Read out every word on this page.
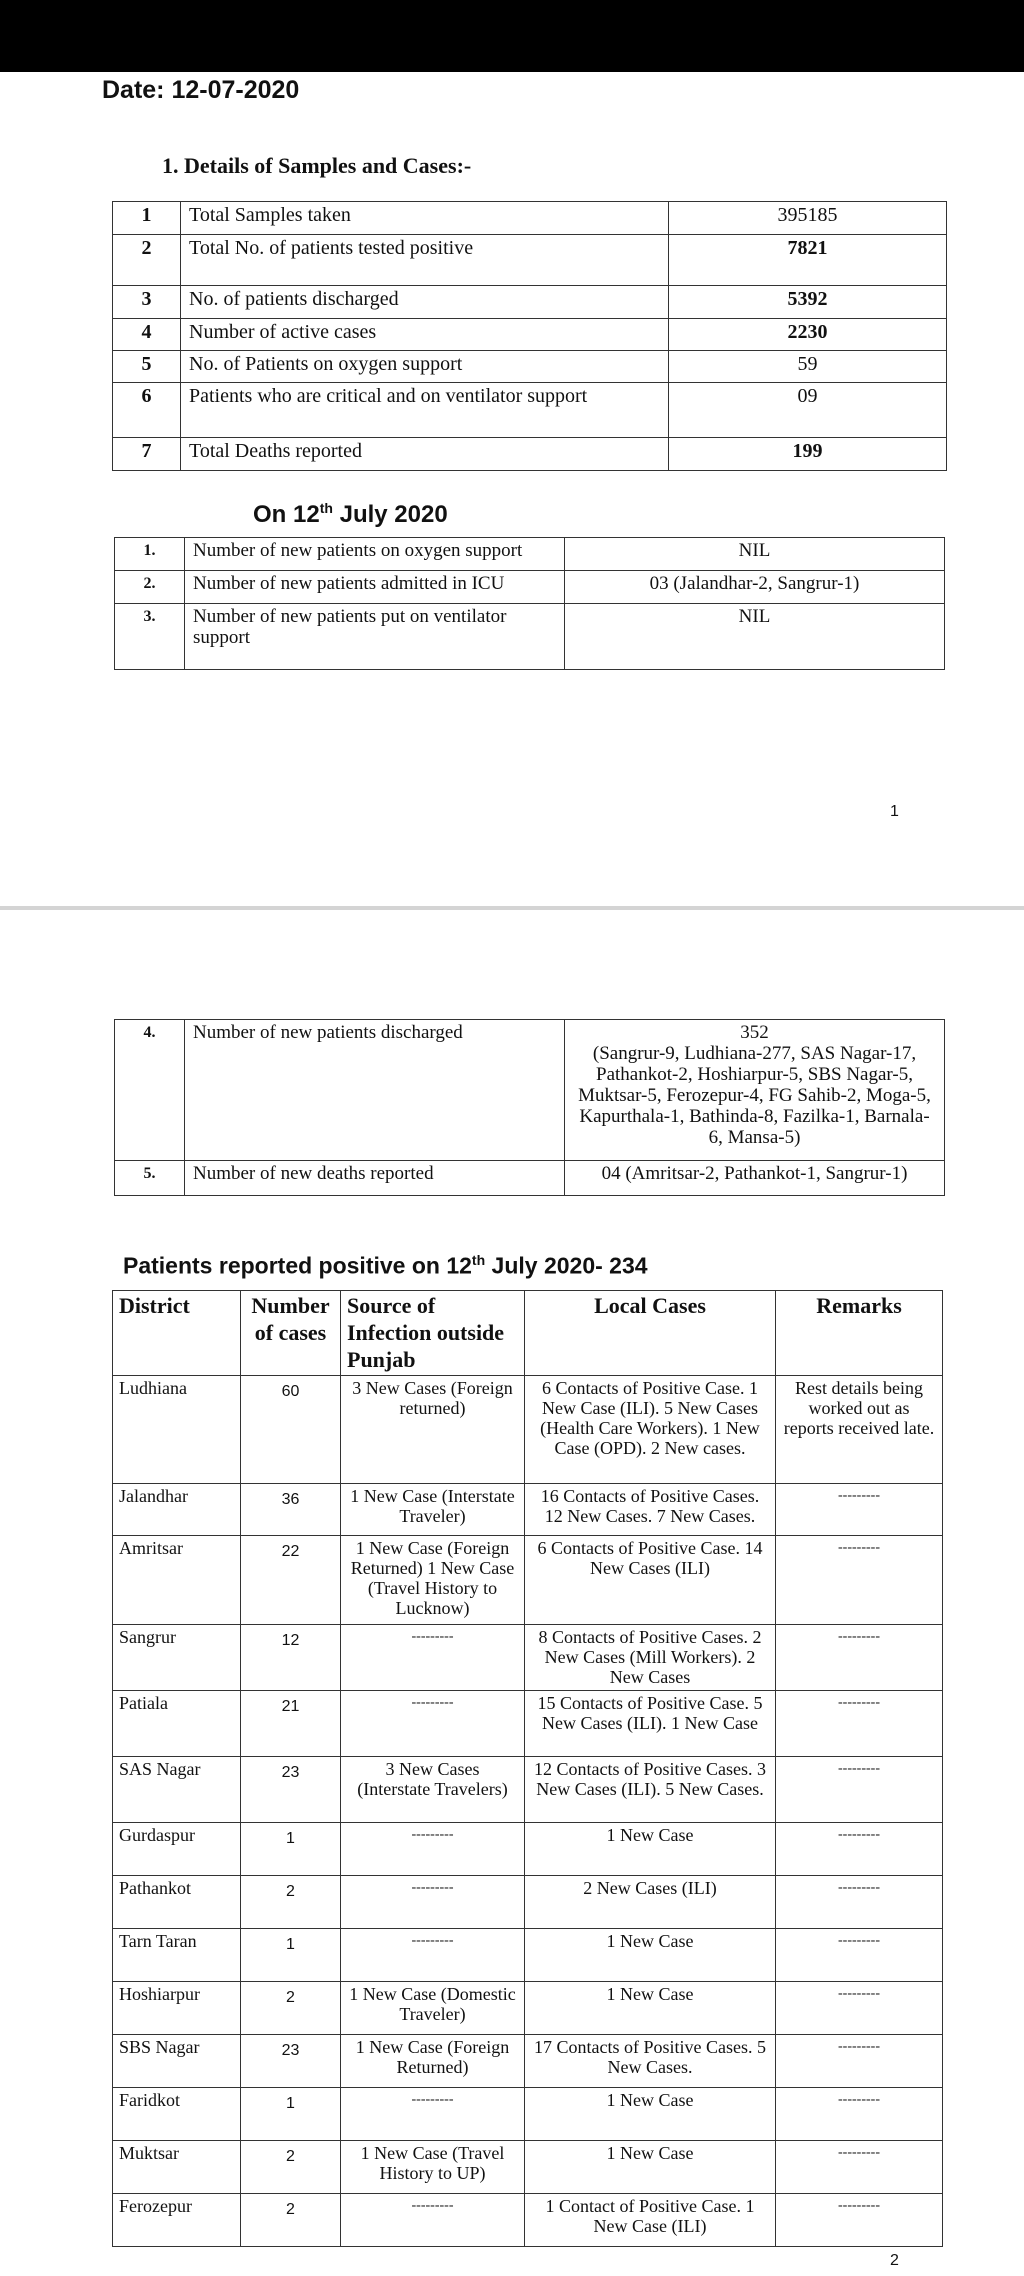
Date: 12-07-2020
1. Details of Samples and Cases:-
1	Total Samples taken	395185
2	Total No. of patients tested positive	7821
3	No. of patients discharged	5392
4	Number of active cases	2230
5	No. of Patients on oxygen support	59
6	Patients who are critical and on ventilator support	09
7	Total Deaths reported	199
On 12th July 2020
1.	Number of new patients on oxygen support	NIL
2.	Number of new patients admitted in ICU	03 (Jalandhar-2, Sangrur-1)
3.	Number of new patients put on ventilator support	NIL
1
4.	Number of new patients discharged	352
(Sangrur-9, Ludhiana-277, SAS Nagar-17, Pathankot-2, Hoshiarpur-5, SBS Nagar-5, Muktsar-5, Ferozepur-4, FG Sahib-2, Moga-5, Kapurthala-1, Bathinda-8, Fazilka-1, Barnala-6, Mansa-5)
5.	Number of new deaths reported	04 (Amritsar-2, Pathankot-1, Sangrur-1)
Patients reported positive on 12th July 2020- 234
District	Number of cases	Source of Infection outside Punjab	Local Cases	Remarks
Ludhiana	60	3 New Cases (Foreign returned)	6 Contacts of Positive Case. 1 New Case (ILI). 5 New Cases (Health Care Workers). 1 New Case (OPD). 2 New cases.	Rest details being worked out as reports received late.
Jalandhar	36	1 New Case (Interstate Traveler)	16 Contacts of Positive Cases. 12 New Cases. 7 New Cases.	---------
Amritsar	22	1 New Case (Foreign Returned) 1 New Case (Travel History to Lucknow)	6 Contacts of Positive Case. 14 New Cases (ILI)	---------
Sangrur	12	---------	8 Contacts of Positive Cases. 2 New Cases (Mill Workers). 2 New Cases	---------
Patiala	21	---------	15 Contacts of Positive Case. 5 New Cases (ILI). 1 New Case	---------
SAS Nagar	23	3 New Cases (Interstate Travelers)	12 Contacts of Positive Cases. 3 New Cases (ILI). 5 New Cases.	---------
Gurdaspur	1	---------	1 New Case	---------
Pathankot	2	---------	2 New Cases (ILI)	---------
Tarn Taran	1	---------	1 New Case	---------
Hoshiarpur	2	1 New Case (Domestic Traveler)	1 New Case	---------
SBS Nagar	23	1 New Case (Foreign Returned)	17 Contacts of Positive Cases. 5 New Cases.	---------
Faridkot	1	---------	1 New Case	---------
Muktsar	2	1 New Case (Travel History to UP)	1 New Case	---------
Ferozepur	2	---------	1 Contact of Positive Case. 1 New Case (ILI)	---------
2
